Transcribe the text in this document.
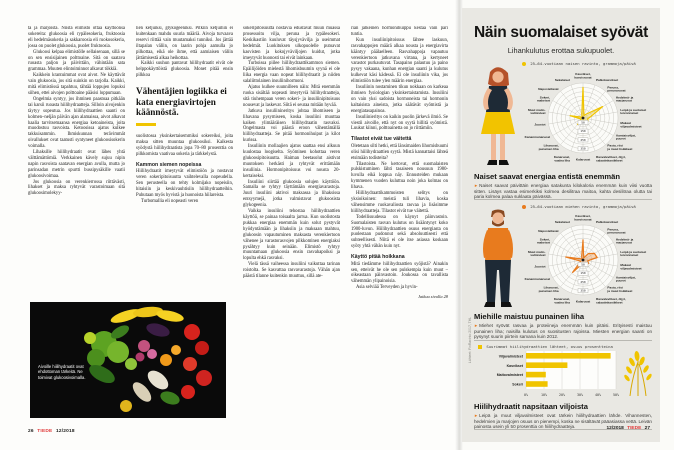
tä ja marjoista. Niistä elimistö ottaa käyttöönsä sokereita: glukoosia eli rypälesokeria, fruktoosia eli hedelmäsokeria ja sakkaroosia eli ruokosokeria, jossa on puolet glukoosia, puolet fruktoosia.

Glukoosi kelpaa elimistölle sellaisenaan, sillä se on sen ensisijainen polttoaine. Sitä on saatava ruoasta paljon ja päivittäin, vähintään sata grammaa. Muuten elintoiminnot alkavat tökkiä.

Kaikkein krantuimmat ovat aivot. Ne käyttävät vain glukoosia, jos sitä suinkin on tarjolla. Kaikki, mitä elimistössä tapahtuu, tähtää loppujen lopuksi siihen, ettei aivojen polttoaine pääsisi loppumaan.

Ongelmia syntyy, jos ihminen paastoaa pitkään tai karsii ruoasta hiilihydraatteja. Silloin aivojenkin täytyy sopeutua. Jos hiilihydraattien saanti on kolmen–neljän päivän ajan alamaissa, aivot alkavat haalia tarvitsemaansa energiaa ketoaineista, joita muodostuu rasvoista. Ketoosissa ajatus kulkee takkuisammin. Ihmiskunnan terävimmät oivallukset ovat taatusti syntyneet glukoosisokerin voimalla.

Lihaksille hiilihydraatit ovat lähes yhtä välttämättömiä. Verkkainen kävely sujuu nipin napin rasvoista saatavan energian avulla, mutta jo parinsadan metrin spurtti bussipysäkille vaatii glukoosivoimaa.

Jos glukoosia on verenkierrossa riittävästi, lihakset ja maksa ryhtyvät varastoimaan sitä glukoosimolekyy-

lien ketjuiksi, glykogeeniksi. Pitkiin ketjuihin ei kuitenkaan mahdu suuria määriä. Aivoja turvaava reservi riittää vain muutamaksi tunniksi. Jos jättää iltapalan väliin, on laarin pohja aamulla jo pilkottaa, eikä ole ihme, että aamiaisen väliin jättämisestä alkaa heikottaa.

Kaikki suuhun pantavat hiilihydraatit eivät ole helppokäyttöistä glukoosia. Monet pitää ensin pilkkoa

Vähentäjien logiikka ei kata energiavirtojen käännöstä.

suolistossa yksinkertaisemmiksi sokereiksi, joita maksa sitten muuntaa glukoosiksi. Kaikesta syödystä hiilihydraatista jopa 70–80 prosenttia on pilkkomista vaativaa sokeria ja tärkkelystä.

Kammon siemen nopeissa

Hiilihydraatit imeytyvät elimistöön ja nostavat veren sokeripitoisuutta vaihtelevalla nopeudella. Sen perusteella on tehty kolmijako nopeisiin, hitaisiin ja keskivauhtisiin hiilihydraatteihin. Puhutaan myös hyvistä ja huonoista hiilareista.

Turbomallia eli nopeasti veren

sokeripitoisuutta nostavia edustavat muun muassa prosessoitu vilja, peruna ja rypälesokeri. Keskikastiin kuuluvat täysjyvävilja ja useimmat hedelmät. Luokituksen ulkopuolelle putoavat kasvisten ja kokojyväviljojen kuidut, jotka imeytyvät huonosti tai eivät lainkaan.

Turboissa piilee hiilihydraattikammon siemen. Epäilijöiden mielestä lihomisbuumin syynä ei ole liika energia vaan nopeat hiilihydraatit ja niiden salaliittolainen insuliinihormoni.

Ajatus kulkee suunnilleen näin: Mitä enemmän ruoka sisältää nopeasti imeytyviä hiilihydraatteja, sitä tiuhempaan veren sokeri- ja insuliinipitoisuus nousevat ja laskevat. Siitä ei seuraa mitään hyvää.

Jatkuva insuliinineritys johtaa lihomiseen ja lihavana pysymiseen, koska insuliini muuttaa kaiken ylimääräisen hiilihydraatin rasvaksi. Ongelmasta voi päästä eroon vähentämällä hiilihydraatteja. Se pitää hormonihuiput ja kilot kurissa.

Insuliinin mollaajien ajatus saattaa ensi alkuun kuulostaa loogiselta. Syöminen kohottaa veren glukoosipitoisuutta. Haiman beetasolut aistivat muutoksen herkästi ja ryhtyvät erittämään insuliinia. Hormonipitoisuus voi nousta 20-kertaiseksi.

Insuliini siirtää glukoosia solujen käyttöön. Samalla se ryhtyy täyttämään energiavarastoja. Juuri insuliini aktivoi maksassa ja lihaksissa entsyymejä, jotka valmistavat glukoosista glykogeenia.

Vaikka insuliini tehostaa hiilihydraattien käyttöä, se painaa toisaalta jarrua. Kun suolistosta pukkaa energiaa enemmän kuin solut pystyvät hyödyntämään ja lihaksiin ja maksaan mahtuu, glukoosin vapautuminen maksasta verenkiertoon vähenee ja varastorasvojen pilkkominen energiaksi pysähtyy kuin seinään. Elimistö ryhtyy muuntamaan glukoosia ensin rasvahapoiksi ja lopulta ehkä rasvaksi.

Vielä tässä vaiheessa insuliini vaikuttaa tarinan roistolta. Se kasvattaa rasvavarastoja. Vähän ajan päästä tilanne kuitenkin muuttuu, sillä ate-

rian jälkeinen hormonihuippu kestää vain pari tuntia.

Kun insuliinipitoisuus lähtee laskuun, rasvahappojen määrä alkaa nousta ja energiavirta kääntyy päälaelleen. Rasvahappoja vapautuu verenkiertoon jatkuvana virtana, ja kertyneet varastot purkautuvat. Tasapaino palautuu ja paino pysyy vakaana, kunhan energian saanti ja kulutus kulkevat käsi kädessä. Ei ole insuliinin vika, jos elimistöön tulee ylen määrin energiaa.

Insuliinin nostaminen tikun nokkaan on karkeaa ihmisen fysiologian yksinkertaistamista. Insuliini on vain yksi sadoista hormoneista tai hormonin kaltaisista aineista, jotka säätävät syömistä ja energiatasapainoa.

Insuliinieritys on kaikin puolin järkevä ilmiö. Se viestii aivoille, että nyt on syytä hillitä syömistä. Luukut kiinni, polttoainetta on jo riittämiin.

Tilastot eivät tue väitettä

Oletetaan silti hetki, että länsimaiden lihomisbuumi olisi hiilihydraattien syytä. Mistä kannattaisi lähteä etsimään todisteita?

Tilastoista. Ne kertovat, että suomalaisten pulskistuminen lähti tasaiseen nousuun 1980-luvulla eikä loppua näy. Ennusteiden mukaan kymmenen vuoden kuluttua noin joka kolmas on lihava.

Hiilihydraattikammoisten selitys on yksioikoinen: meistä tuli lihavia, koska vähensimme ruokavaliosta rasvaa ja lisäsimme hiilihydraatteja. Tilastot eivät tue väitettä.

Todellisuudessa on käynyt päinvastoin. Suomalaisten rasvan kulutus on lisääntynyt koko 1900-luvun. Hiilihydraattien osuus energiasta on puolestaan pudonnut sekä absoluuttisesti että suhteellisesti. Niitä ei ole itse asiassa koskaan syöty yhtä vähän kuin nyt.

Käyttö pitää hoikkana

Mitä tiedämme hiilihydraattien syöjistä? Ainakin sen, etteivät he ole sen pulskempia kuin muut – oikeastaan päinvastoin. Joukossa on tavallista vähemmän ylipainoisia.

Asia selviää Terveyden ja hyvin-

Jatkuu sivulla 28
Aivoille hiilihydraatit ovat ehdottoman tärkeitä. Ne toimivat glukoosivoimalla.
26 TIEDE 12/2018
Näin suomalaiset syövät
Lihankulutus erottaa sukupuolet.
25–64-vuotiaan naisen ravinto, grammoja/päivä
50
150
250
350
Kasvikset, kasvisruoat
Palkokasvikset
Peruna, perunaruoat
Hedelmä- ja marjaruoat
Leipä ja suolaiset leivonnaiset
Makeat viljavalmisteet
Aamiaisviljat, puurot
Pasta, riisi ja muut lisäkkeet
Rasvalevitteet, öljyt, salaatinkastikkeet
Kalaruoat
Kanaruoat, vaalea liha
Liharuoat, punainen liha
Kananmunaruoat
Juustot
Muut maito-valmisteet
Sokeri, makeiset
Naposteltavat
Sekalaiset
Naiset saavat energiaa entistä enemmän

►Naiset saavat päivittäin energiaa satakunta kilokaloria enemmän kuin viisi vuotta sitten. Lisäys vastaa esimerkiksi kolmea desilitraa maitoa, kahta desilitraa olutta tai paria kolmea palaa suklaata päivässä.

25–64-vuotiaan miehen ravinto, grammoja/päivä
50
150
250
350
Kasvikset, kasvisruoat
Palkokasvikset
Peruna, perunaruoat
Hedelmä- ja marjaruoat
Leipä ja suolaiset leivonnaiset
Makeat viljavalmisteet
Aamiaisviljat, puurot
Pasta, riisi ja muut lisäkkeet
Rasvalevitteet, öljyt, salaatinkastikkeet
Kalaruoat
Kanaruoat, vaalea liha
Liharuoat, punainen liha
Kananmunaruoat
Juustot
Muut maito-valmisteet
Sokeri, makeiset
Naposteltavat
Sekalaiset
Miehille maistuu punainen liha

►Miehet syövät rasvaa ja proteiineja enemmän kuin pitäisi. Erityisesti maistuu punainen liha; naisilla kulutus on suositusten rajoissa. Miesten energian saanti on pysynyt suurin piirtein samana kuin 2012.

Suurimmat hiilihydraattien lähteet, osuus prosentteina
0%	10%	20%	30%	40%	50%
Viljavalmisteet
Kasvikset
Maitovalmisteet
Sokeri
Hiilihydraatit napsitaan viljoista

►Leipä ja muut viljavalmisteet ovat tärkein hiilihydraattien lähde. Vihannesten, hedelmien ja marjojen osuus on pienempi, koska ne sisältävät pääasiassa vettä. Leivän painosta usein yli 50 prosenttia on hiilihydraatteja.

Lähteet: FinRavinto 2017, THL
12/2018 TIEDE 27
